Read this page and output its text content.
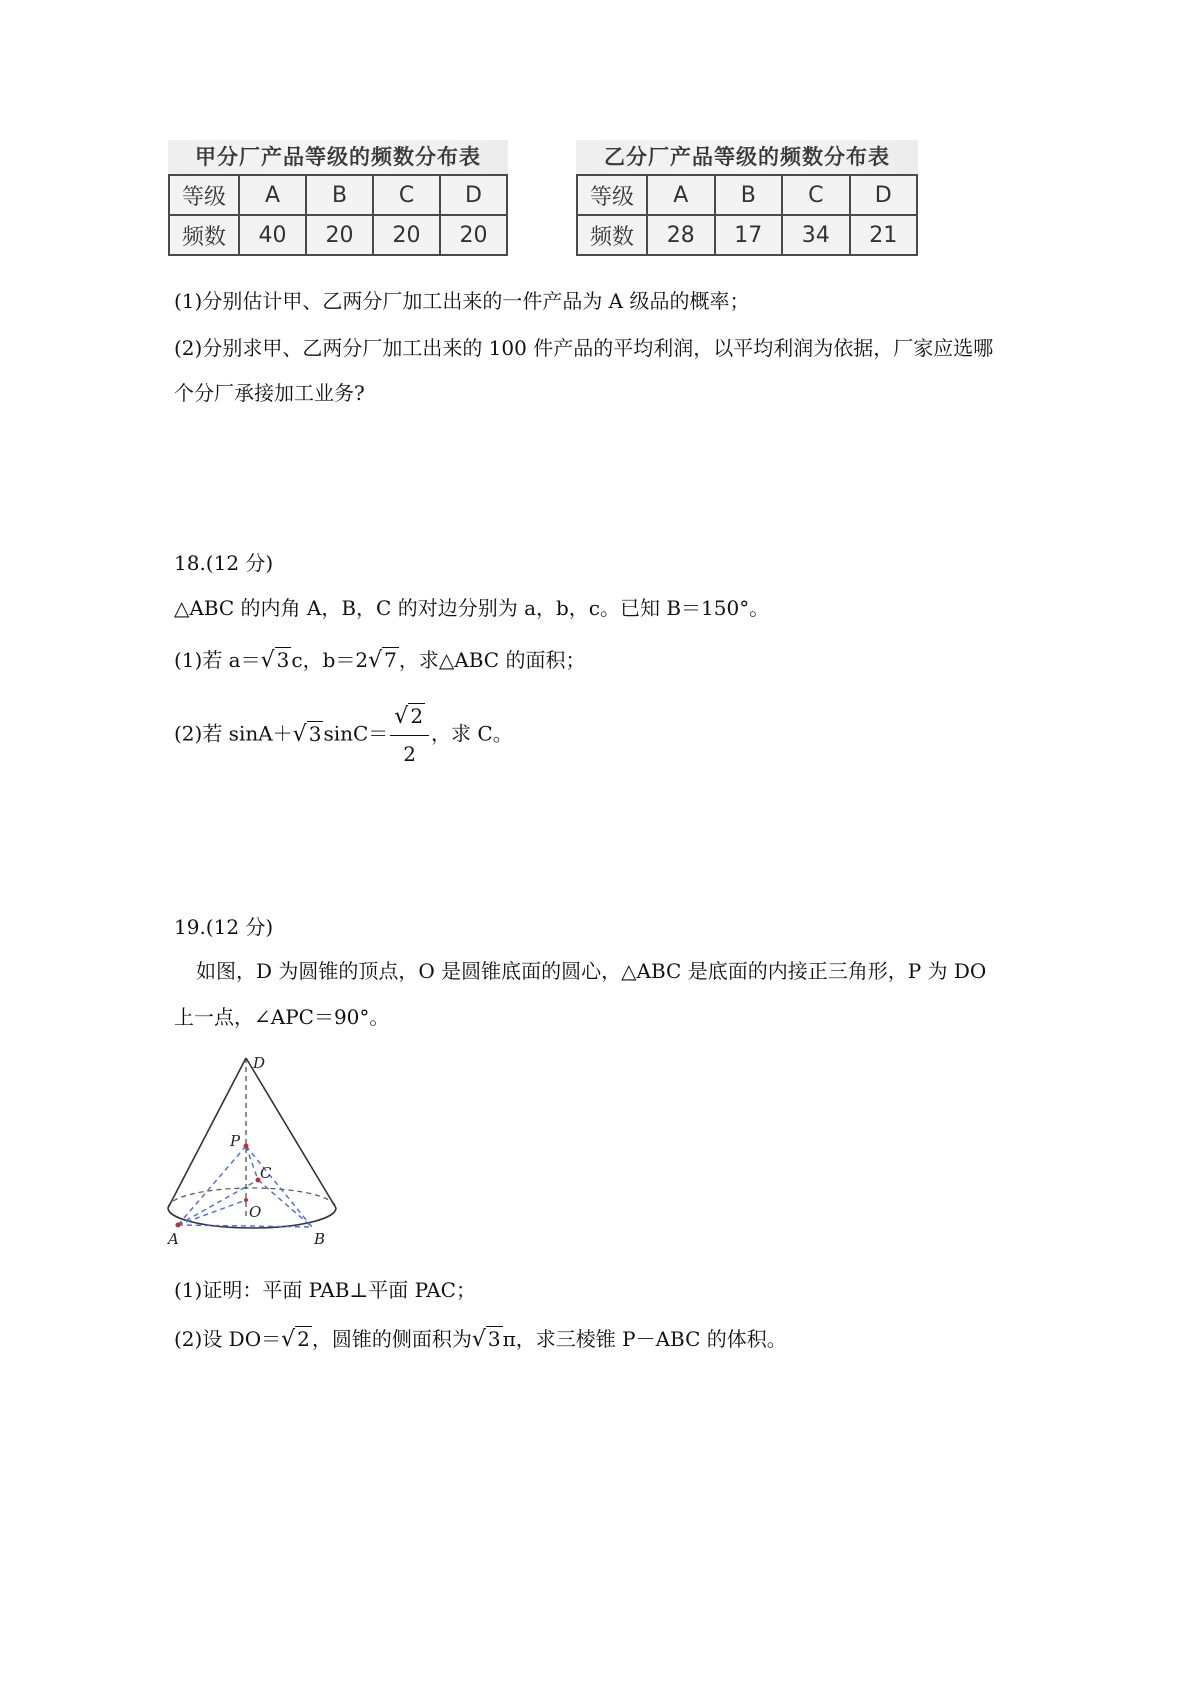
甲分厂产品等级的频数分布表
等级	A	B	C	D
频数	40	20	20	20
乙分厂产品等级的频数分布表
等级	A	B	C	D
频数	28	17	34	21
(1)分别估计甲、乙两分厂加工出来的一件产品为 A 级品的概率；
(2)分别求甲、乙两分厂加工出来的 100 件产品的平均利润，以平均利润为依据，厂家应选哪
个分厂承接加工业务?
18.(12 分)
△ABC 的内角 A，B，C 的对边分别为 a，b，c。已知 B＝150°。
(1)若 a＝√ 3 c，b＝2√ 7 ，求△ABC 的面积；
(2)若 sinA＋√ 3 $\sin C= \frac{√ 2}{2}$ ，求 C。
19.(12 分)
如图，D 为圆锥的顶点，O 是圆锥底面的圆心，△ABC 是底面的内接正三角形，P 为 DO
上一点，∠APC＝90°。
D
P
C
O
A	B
(1)证明：平面 PAB⊥平面 PAC；
(2)设 DO＝√ 2 ，圆锥的侧面积为√ 3 π，求三棱锥 P－ABC 的体积。
